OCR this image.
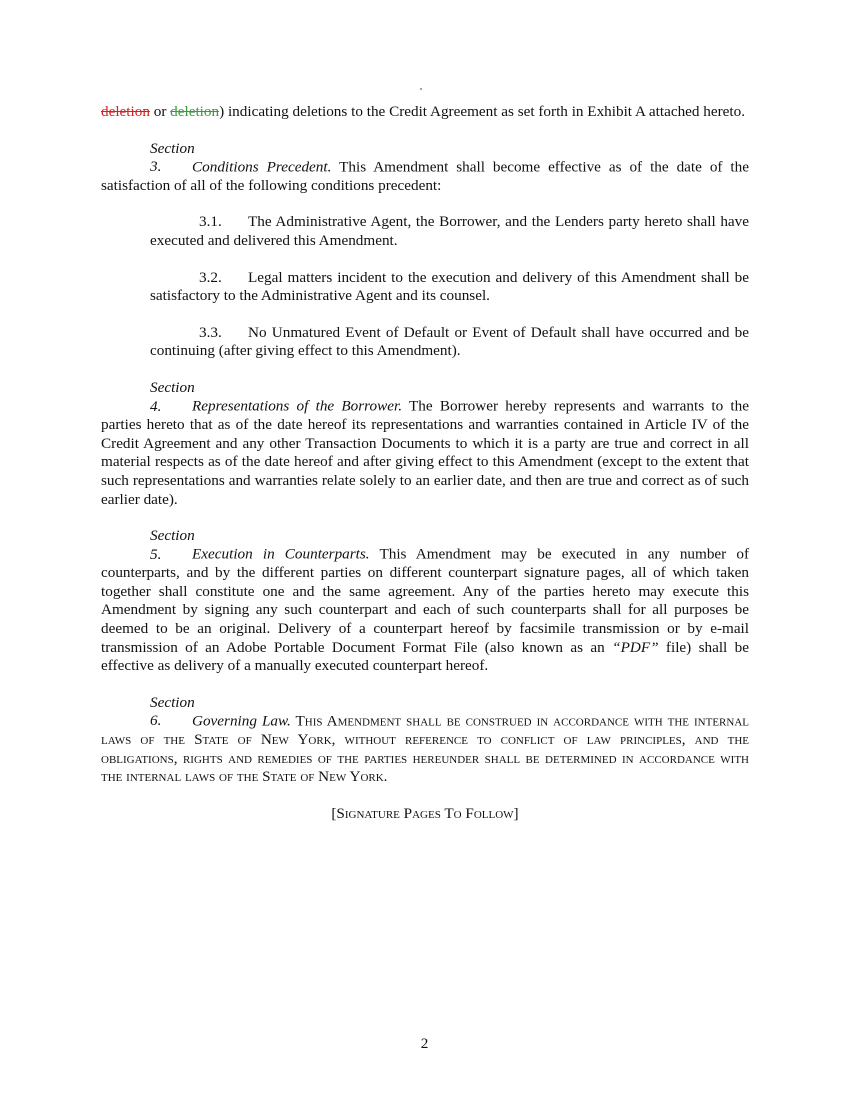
deletion or deletion) indicating deletions to the Credit Agreement as set forth in Exhibit A attached hereto.

Section 3. Conditions Precedent. This Amendment shall become effective as of the date of the satisfaction of all of the following conditions precedent:

3.1. The Administrative Agent, the Borrower, and the Lenders party hereto shall have executed and delivered this Amendment.

3.2. Legal matters incident to the execution and delivery of this Amendment shall be satisfactory to the Administrative Agent and its counsel.

3.3. No Unmatured Event of Default or Event of Default shall have occurred and be continuing (after giving effect to this Amendment).

Section 4. Representations of the Borrower. The Borrower hereby represents and warrants to the parties hereto that as of the date hereof its representations and warranties contained in Article IV of the Credit Agreement and any other Transaction Documents to which it is a party are true and correct in all material respects as of the date hereof and after giving effect to this Amendment (except to the extent that such representations and warranties relate solely to an earlier date, and then are true and correct as of such earlier date).

Section 5. Execution in Counterparts. This Amendment may be executed in any number of counterparts, and by the different parties on different counterpart signature pages, all of which taken together shall constitute one and the same agreement. Any of the parties hereto may execute this Amendment by signing any such counterpart and each of such counterparts shall for all purposes be deemed to be an original. Delivery of a counterpart hereof by facsimile transmission or by e-mail transmission of an Adobe Portable Document Format File (also known as an “PDF” file) shall be effective as delivery of a manually executed counterpart hereof.

Section 6. Governing Law. This Amendment shall be construed in accordance with the internal laws of the State of New York, without reference to conflict of law principles, and the obligations, rights and remedies of the parties hereunder shall be determined in accordance with the internal laws of the State of New York.

[Signature Pages To Follow]

2
